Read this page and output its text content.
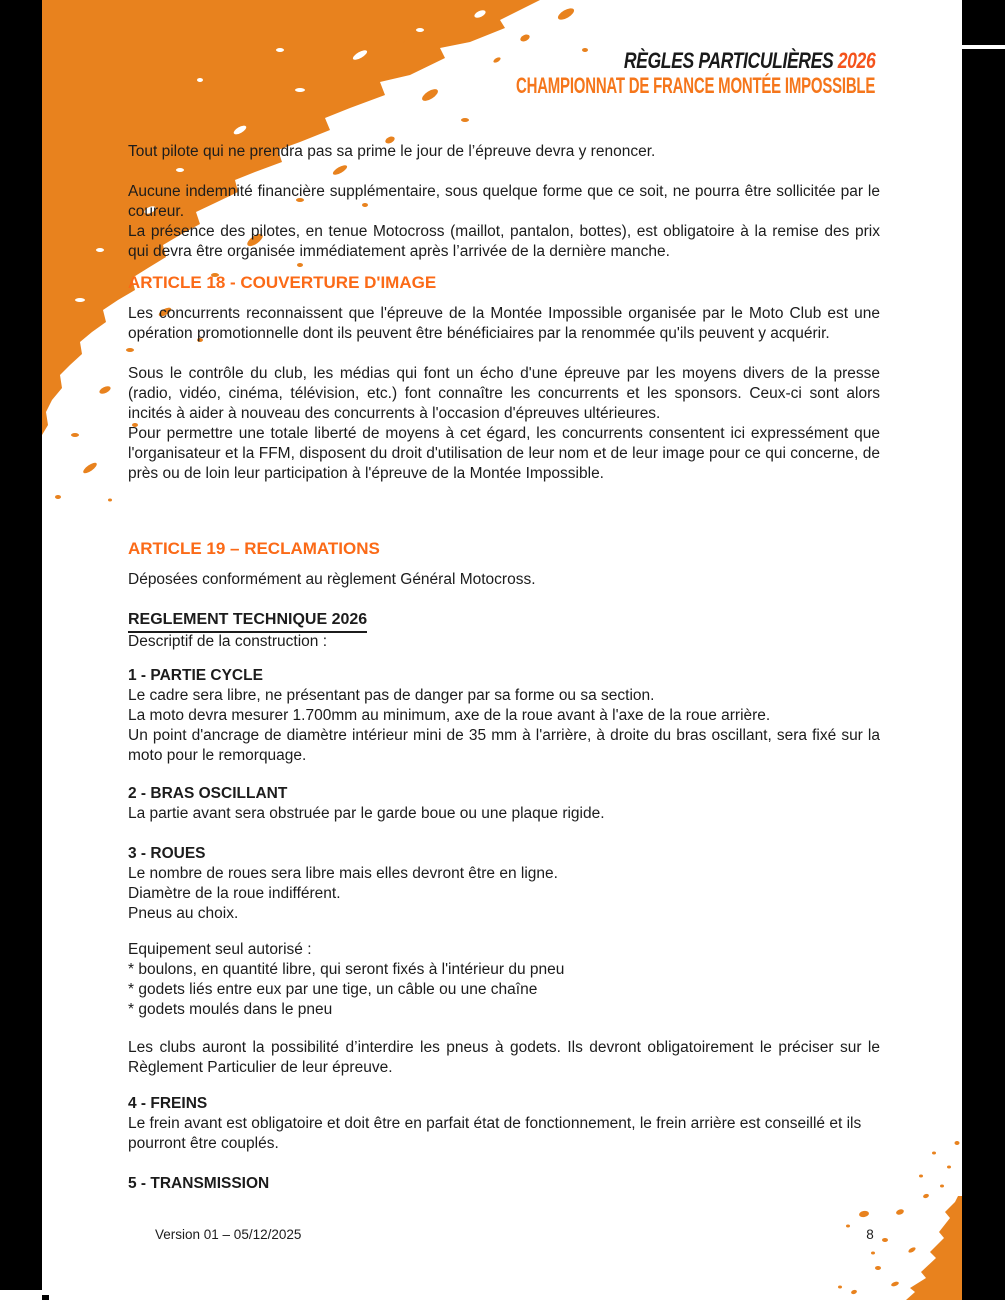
RÈGLES PARTICULIÈRES 2026
CHAMPIONNAT DE FRANCE MONTÉE IMPOSSIBLE
Tout pilote qui ne prendra pas sa prime le jour de l’épreuve devra y renoncer.
Aucune indemnité financière supplémentaire, sous quelque forme que ce soit, ne pourra être sollicitée par le coureur.
La présence des pilotes, en tenue Motocross (maillot, pantalon, bottes), est obligatoire à la remise des prix qui devra être organisée immédiatement après l’arrivée de la dernière manche.
ARTICLE 18 - COUVERTURE D'IMAGE
Les concurrents reconnaissent que l'épreuve de la Montée Impossible organisée par le Moto Club est une opération promotionnelle dont ils peuvent être bénéficiaires par la renommée qu'ils peuvent y acquérir.
Sous le contrôle du club, les médias qui font un écho d'une épreuve par les moyens divers de la presse (radio, vidéo, cinéma, télévision, etc.) font connaître les concurrents et les sponsors. Ceux-ci sont alors incités à aider à nouveau des concurrents à l'occasion d'épreuves ultérieures.
Pour permettre une totale liberté de moyens à cet égard, les concurrents consentent ici expressément que l'organisateur et la FFM, disposent du droit d'utilisation de leur nom et de leur image pour ce qui concerne, de près ou de loin leur participation à l'épreuve de la Montée Impossible.
ARTICLE 19 – RECLAMATIONS
Déposées conformément au règlement Général Motocross.
REGLEMENT TECHNIQUE 2026
Descriptif de la construction :
1 - PARTIE CYCLE
Le cadre sera libre, ne présentant pas de danger par sa forme ou sa section.
La moto devra mesurer 1.700mm au minimum, axe de la roue avant à l'axe de la roue arrière.
Un point d'ancrage de diamètre intérieur mini de 35 mm à l'arrière, à droite du bras oscillant, sera fixé sur la moto pour le remorquage.
2 - BRAS OSCILLANT
La partie avant sera obstruée par le garde boue ou une plaque rigide.
3 - ROUES
Le nombre de roues sera libre mais elles devront être en ligne.
Diamètre de la roue indifférent.
Pneus au choix.
Equipement seul autorisé :
* boulons, en quantité libre, qui seront fixés à l'intérieur du pneu
* godets liés entre eux par une tige, un câble ou une chaîne
* godets moulés dans le pneu
Les clubs auront la possibilité d’interdire les pneus à godets. Ils devront obligatoirement le préciser sur le Règlement Particulier de leur épreuve.
4 - FREINS
Le frein avant est obligatoire et doit être en parfait état de fonctionnement, le frein arrière est conseillé et ils pourront être couplés.
5 - TRANSMISSION
Version 01 – 05/12/2025	8
